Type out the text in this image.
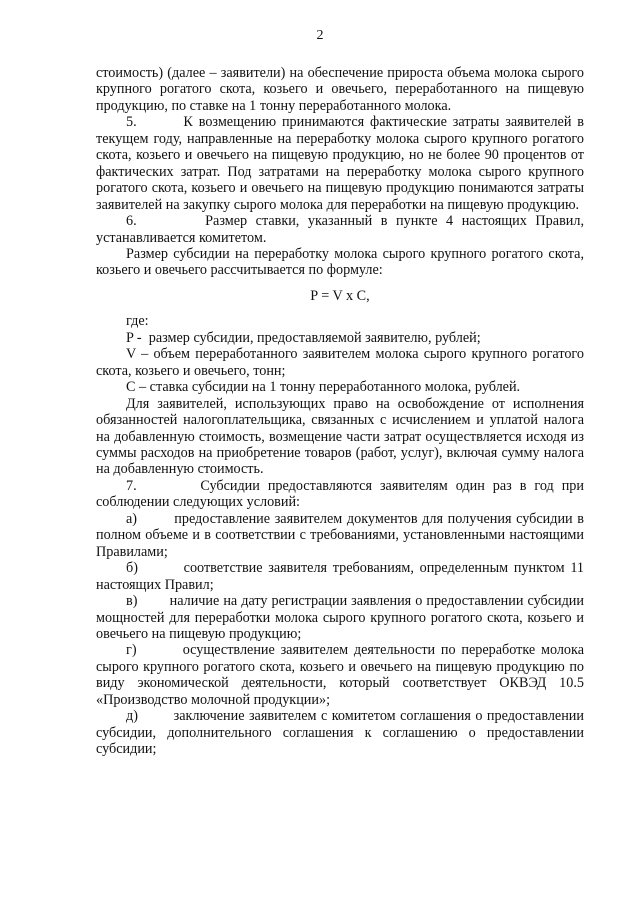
2

стоимость) (далее – заявители) на обеспечение прироста объема молока сырого крупного рогатого скота, козьего и овечьего, переработанного на пищевую продукцию, по ставке на 1 тонну переработанного молока.

5.        К возмещению принимаются фактические затраты заявителей в текущем году, направленные на переработку молока сырого крупного рогатого скота, козьего и овечьего на пищевую продукцию, но не более 90 процентов от фактических затрат. Под затратами на переработку молока сырого крупного рогатого скота, козьего и овечьего на пищевую продукцию понимаются затраты заявителей на закупку сырого молока для переработки на пищевую продукцию.

6.        Размер ставки, указанный в пункте 4 настоящих Правил, устанавливается комитетом.

Размер субсидии на переработку молока сырого крупного рогатого скота, козьего и овечьего рассчитывается по формуле:

P = V x C,

где:

P -  размер субсидии, предоставляемой заявителю, рублей;

V – объем переработанного заявителем молока сырого крупного рогатого скота, козьего и овечьего, тонн;

C – ставка субсидии на 1 тонну переработанного молока, рублей.

Для заявителей, использующих право на освобождение от исполнения обязанностей налогоплательщика, связанных с исчислением и уплатой налога на добавленную стоимость, возмещение части затрат осуществляется исходя из суммы расходов на приобретение товаров (работ, услуг), включая сумму налога на добавленную стоимость.

7.        Субсидии предоставляются заявителям один раз в год при соблюдении следующих условий:

а)        предоставление заявителем документов для получения субсидии в полном объеме и в соответствии с требованиями, установленными настоящими Правилами;

б)        соответствие заявителя требованиям, определенным пунктом 11 настоящих Правил;

в)        наличие на дату регистрации заявления о предоставлении субсидии мощностей для переработки молока сырого крупного рогатого скота, козьего и овечьего на пищевую продукцию;

г)        осуществление заявителем деятельности по переработке молока сырого крупного рогатого скота, козьего и овечьего на пищевую продукцию по виду экономической деятельности, который соответствует ОКВЭД 10.5 «Производство молочной продукции»;

д)        заключение заявителем с комитетом соглашения о предоставлении субсидии, дополнительного соглашения к соглашению о предоставлении субсидии;
